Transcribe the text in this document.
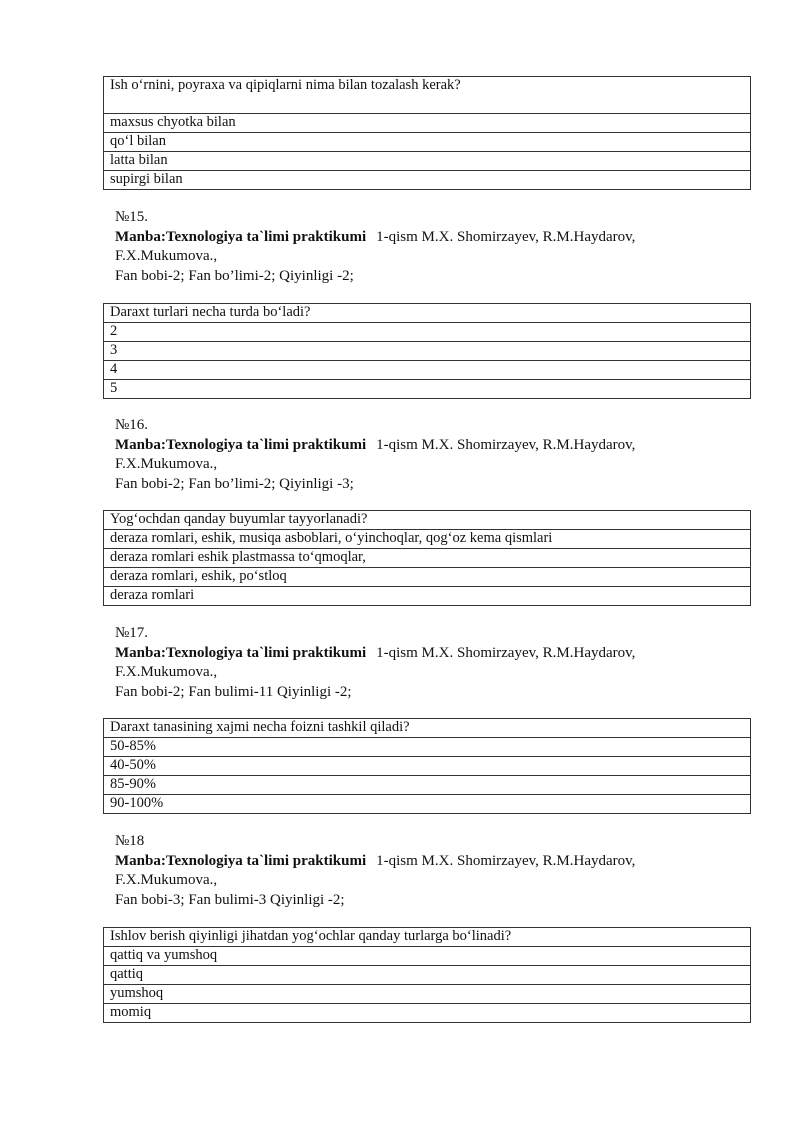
Ish o‘rnini, poyraxa va qipiqlarni nima bilan tozalash kerak?
maxsus chyotka bilan
qo‘l bilan
latta bilan
supirgi bilan
№15.
Manba:Texnologiya ta`limi praktikumi 1-qism M.X. Shomirzayev, R.M.Haydarov,
F.X.Mukumova.,
Fan bobi-2; Fan bo’limi-2; Qiyinligi -2;
Daraxt turlari necha turda bo‘ladi?
2
3
4
5
№16.
Manba:Texnologiya ta`limi praktikumi 1-qism M.X. Shomirzayev, R.M.Haydarov,
F.X.Mukumova.,
Fan bobi-2; Fan bo’limi-2; Qiyinligi -3;
Yog‘ochdan qanday buyumlar tayyorlanadi?
deraza romlari, eshik, musiqa asboblari, o‘yinchoqlar, qog‘oz kema qismlari
deraza romlari eshik plastmassa to‘qmoqlar,
deraza romlari, eshik, po‘stloq
deraza romlari
№17.
Manba:Texnologiya ta`limi praktikumi 1-qism M.X. Shomirzayev, R.M.Haydarov,
F.X.Mukumova.,
Fan bobi-2; Fan bulimi-11 Qiyinligi -2;
Daraxt tanasining xajmi necha foizni tashkil qiladi?
50-85%
40-50%
85-90%
90-100%
№18
Manba:Texnologiya ta`limi praktikumi 1-qism M.X. Shomirzayev, R.M.Haydarov,
F.X.Mukumova.,
Fan bobi-3; Fan bulimi-3 Qiyinligi -2;
Ishlov berish qiyinligi jihatdan yog‘ochlar qanday turlarga bo‘linadi?
qattiq va yumshoq
qattiq
yumshoq
momiq
